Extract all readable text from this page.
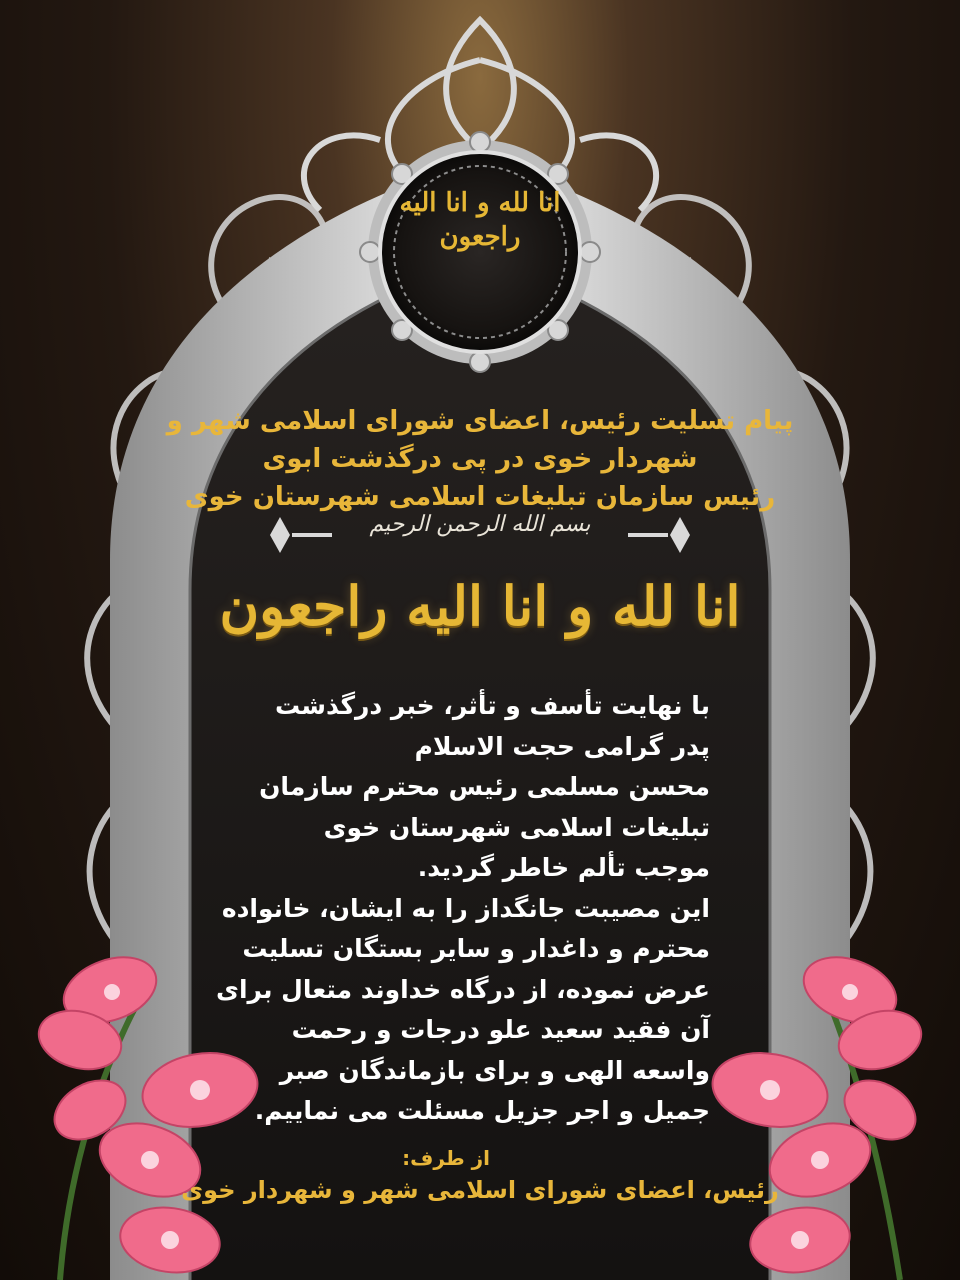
انا لله و انا الیه
راجعون
پیام تسلیت رئیس، اعضای شورای اسلامی شهر و
شهردار خوی در پی درگذشت ابوی
رئیس سازمان تبلیغات اسلامی شهرستان خوی
بسم الله الرحمن الرحیم
انا لله و انا الیه راجعون
با نهایت تأسف و تأثر، خبر درگذشت
پدر گرامی حجت الاسلام
محسن مسلمی رئیس محترم سازمان
تبلیغات اسلامی شهرستان خوی
موجب تألم خاطر گردید.
این مصیبت جانگداز را به ایشان، خانواده
محترم و داغدار و سایر بستگان تسلیت
عرض نموده، از درگاه خداوند متعال برای
آن فقید سعید علو درجات و رحمت
واسعه الهی و برای بازماندگان صبر
جمیل و اجر جزیل مسئلت می نماییم.
از طرف:
رئیس، اعضای شورای اسلامی شهر و شهردار خوی
